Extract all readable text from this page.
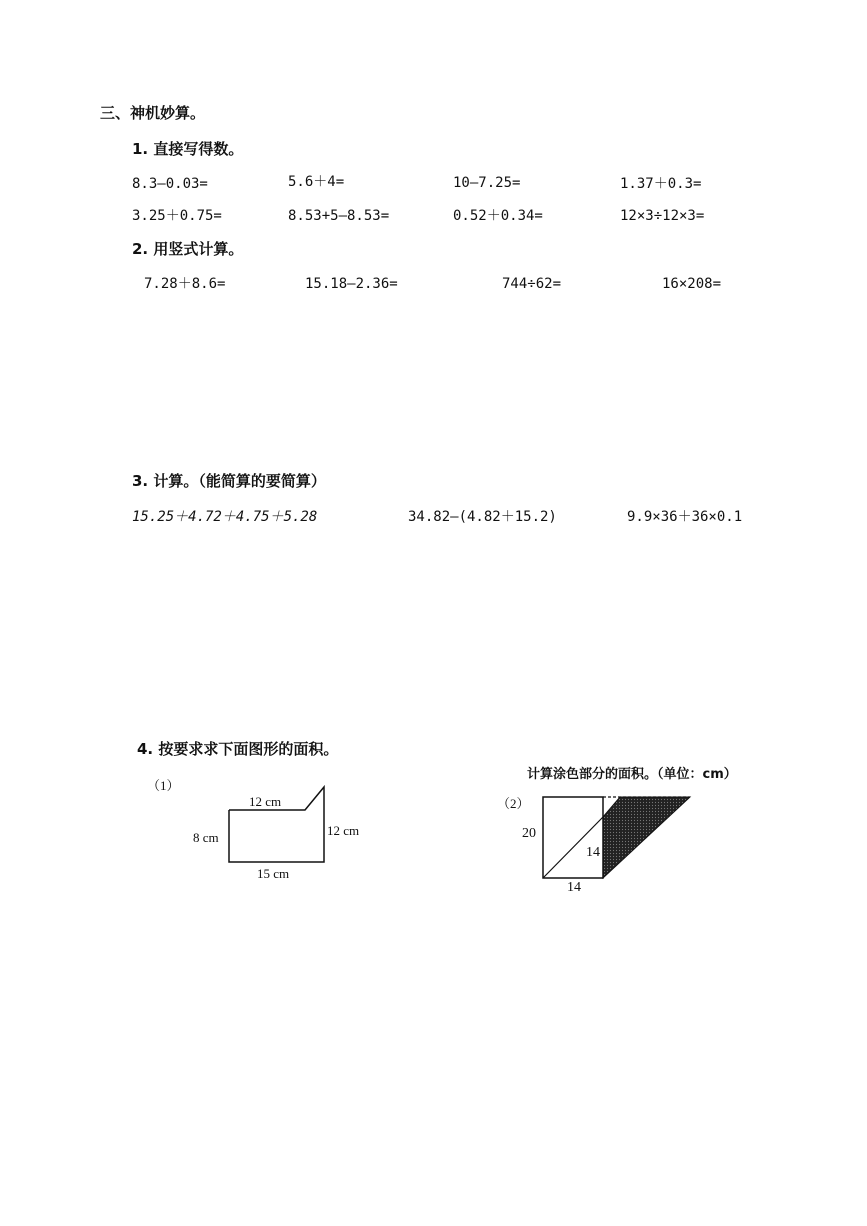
三、神机妙算。
1. 直接写得数。
8.3—0.03=	5.6＋4=	10—7.25=	1.37＋0.3=
3.25＋0.75=	8.53+5—8.53=	0.52＋0.34=	12×3÷12×3=
2. 用竖式计算。
7.28＋8.6=	15.18—2.36=	744÷62=	16×208=
3. 计算。（能简算的要简算）
15.25＋4.72＋4.75＋5.28	34.82—(4.82＋15.2)	9.9×36＋36×0.1
4. 按要求求下面图形的面积。
（1）
12 cm
8 cm	12 cm
15 cm
计算涂色部分的面积。（单位：cm）
（2）
20
14
14
